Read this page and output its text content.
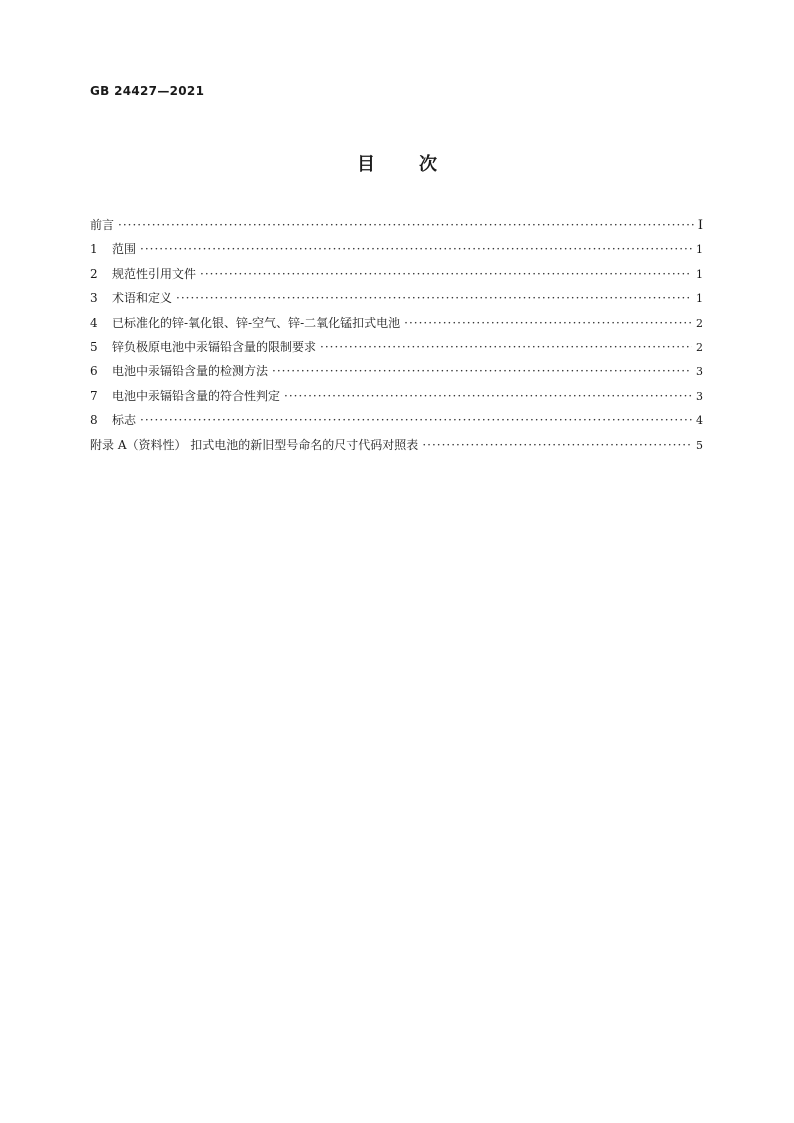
GB 24427—2021
目 次
前言 ·····	Ⅰ
1	范围 ·····	1
2	规范性引用文件 ·····	1
3	术语和定义 ·····	1
4	已标准化的锌-氧化银、锌-空气、锌-二氧化锰扣式电池 ·····	2
5	锌负极原电池中汞镉铅含量的限制要求 ·····	2
6	电池中汞镉铅含量的检测方法 ·····	3
7	电池中汞镉铅含量的符合性判定 ·····	3
8	标志 ·····	4
附录 A（资料性） 扣式电池的新旧型号命名的尺寸代码对照表 ·····	5
